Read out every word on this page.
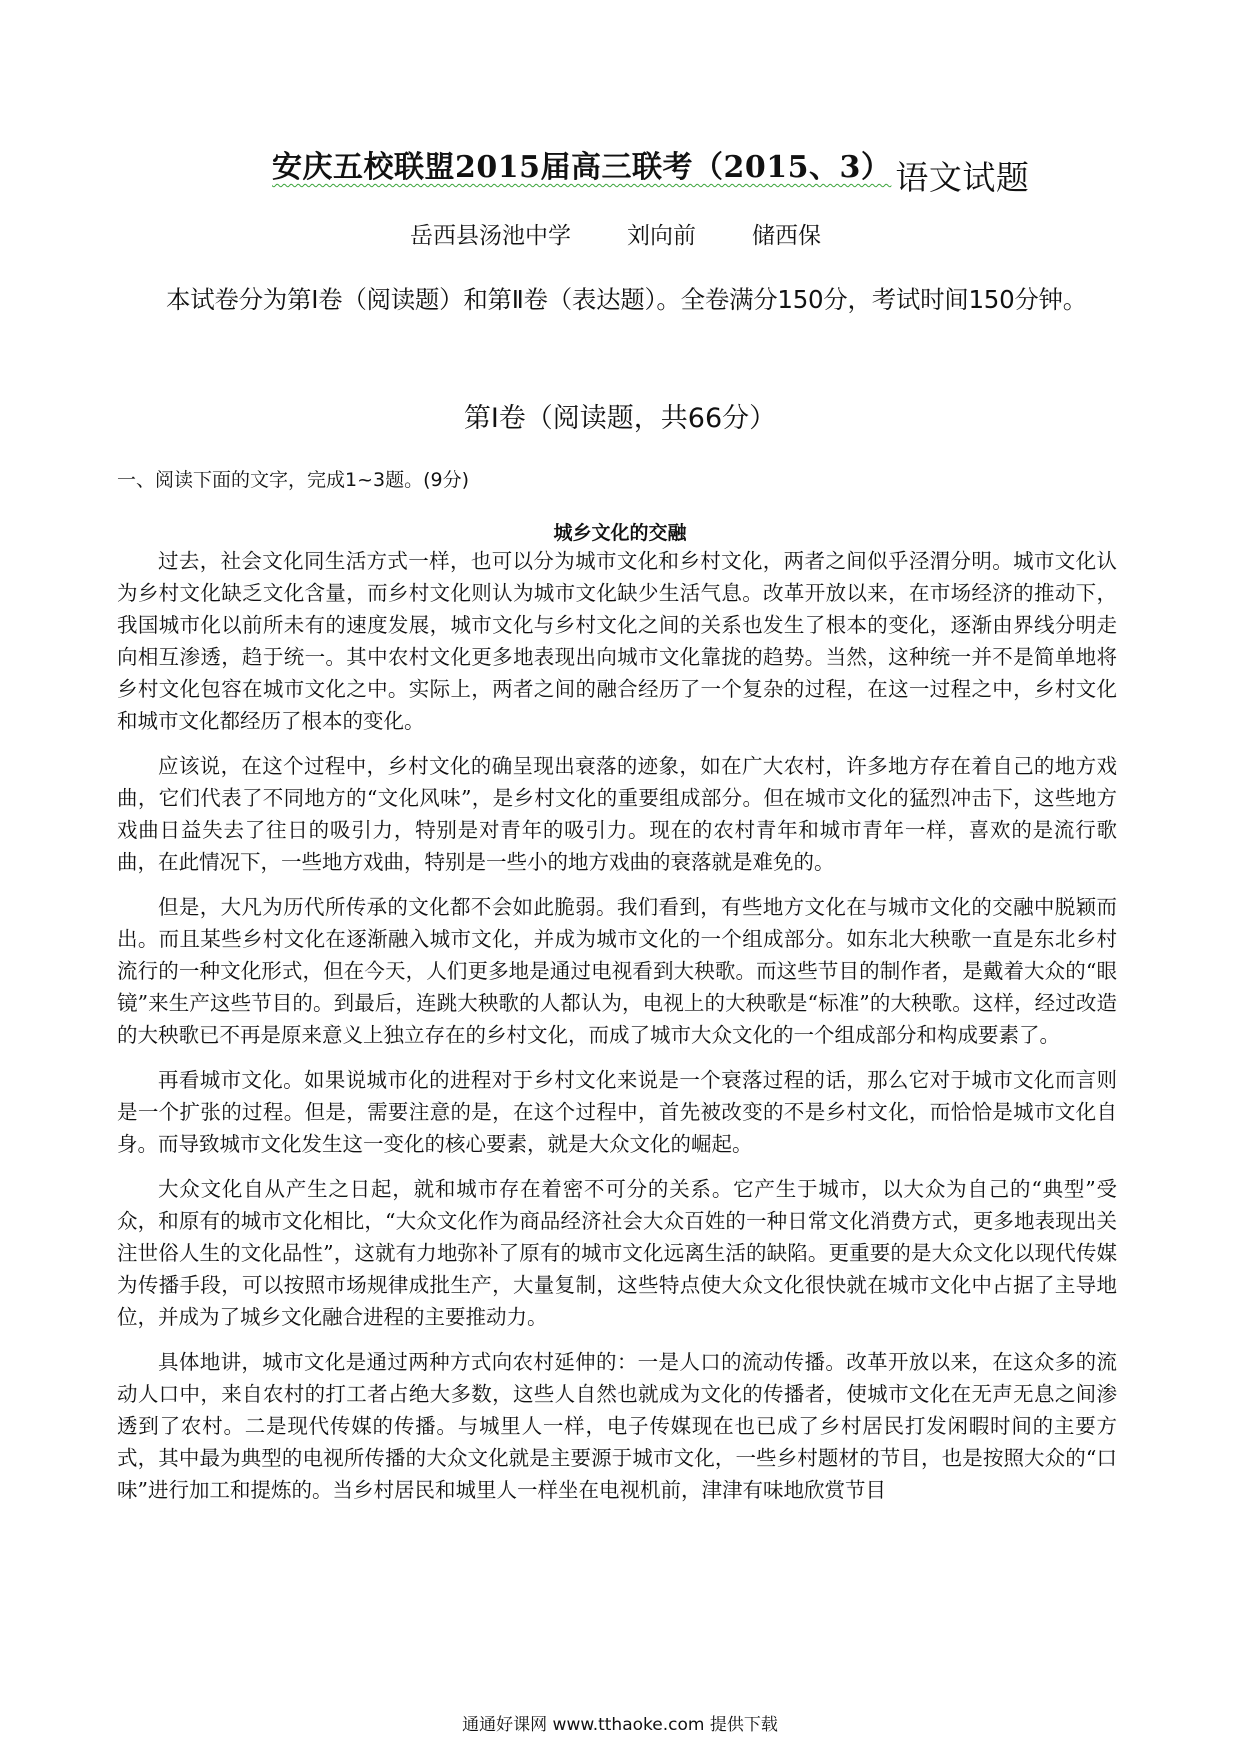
安庆五校联盟2015届高三联考（2015、3） 语文试题
岳西县汤池中学 刘向前 储西保

本试卷分为第Ⅰ卷（阅读题）和第Ⅱ卷（表达题）。全卷满分150分，考试时间150分钟。

第Ⅰ卷（阅读题，共66分）
一、阅读下面的文字，完成1~3题。(9分)
城乡文化的交融

过去，社会文化同生活方式一样，也可以分为城市文化和乡村文化，两者之间似乎泾渭分明。城市文化认为乡村文化缺乏文化含量，而乡村文化则认为城市文化缺少生活气息。改革开放以来，在市场经济的推动下，我国城市化以前所未有的速度发展，城市文化与乡村文化之间的关系也发生了根本的变化，逐渐由界线分明走向相互渗透，趋于统一。其中农村文化更多地表现出向城市文化靠拢的趋势。当然，这种统一并不是简单地将乡村文化包容在城市文化之中。实际上，两者之间的融合经历了一个复杂的过程，在这一过程之中，乡村文化和城市文化都经历了根本的变化。

应该说，在这个过程中，乡村文化的确呈现出衰落的迹象，如在广大农村，许多地方存在着自己的地方戏曲，它们代表了不同地方的“文化风味”，是乡村文化的重要组成部分。但在城市文化的猛烈冲击下，这些地方戏曲日益失去了往日的吸引力，特别是对青年的吸引力。现在的农村青年和城市青年一样，喜欢的是流行歌曲，在此情况下，一些地方戏曲，特别是一些小的地方戏曲的衰落就是难免的。

但是，大凡为历代所传承的文化都不会如此脆弱。我们看到，有些地方文化在与城市文化的交融中脱颖而出。而且某些乡村文化在逐渐融入城市文化，并成为城市文化的一个组成部分。如东北大秧歌一直是东北乡村流行的一种文化形式，但在今天，人们更多地是通过电视看到大秧歌。而这些节目的制作者，是戴着大众的“眼镜”来生产这些节目的。到最后，连跳大秧歌的人都认为，电视上的大秧歌是“标准”的大秧歌。这样，经过改造的大秧歌已不再是原来意义上独立存在的乡村文化，而成了城市大众文化的一个组成部分和构成要素了。

再看城市文化。如果说城市化的进程对于乡村文化来说是一个衰落过程的话，那么它对于城市文化而言则是一个扩张的过程。但是，需要注意的是，在这个过程中，首先被改变的不是乡村文化，而恰恰是城市文化自身。而导致城市文化发生这一变化的核心要素，就是大众文化的崛起。

大众文化自从产生之日起，就和城市存在着密不可分的关系。它产生于城市，以大众为自己的“典型”受众，和原有的城市文化相比，“大众文化作为商品经济社会大众百姓的一种日常文化消费方式，更多地表现出关注世俗人生的文化品性”，这就有力地弥补了原有的城市文化远离生活的缺陷。更重要的是大众文化以现代传媒为传播手段，可以按照市场规律成批生产，大量复制，这些特点使大众文化很快就在城市文化中占据了主导地位，并成为了城乡文化融合进程的主要推动力。

具体地讲，城市文化是通过两种方式向农村延伸的：一是人口的流动传播。改革开放以来，在这众多的流动人口中，来自农村的打工者占绝大多数，这些人自然也就成为文化的传播者，使城市文化在无声无息之间渗透到了农村。二是现代传媒的传播。与城里人一样，电子传媒现在也已成了乡村居民打发闲暇时间的主要方式，其中最为典型的电视所传播的大众文化就是主要源于城市文化，一些乡村题材的节目，也是按照大众的“口味”进行加工和提炼的。当乡村居民和城里人一样坐在电视机前，津津有味地欣赏节目

通通好课网 www.tthaoke.com 提供下载
